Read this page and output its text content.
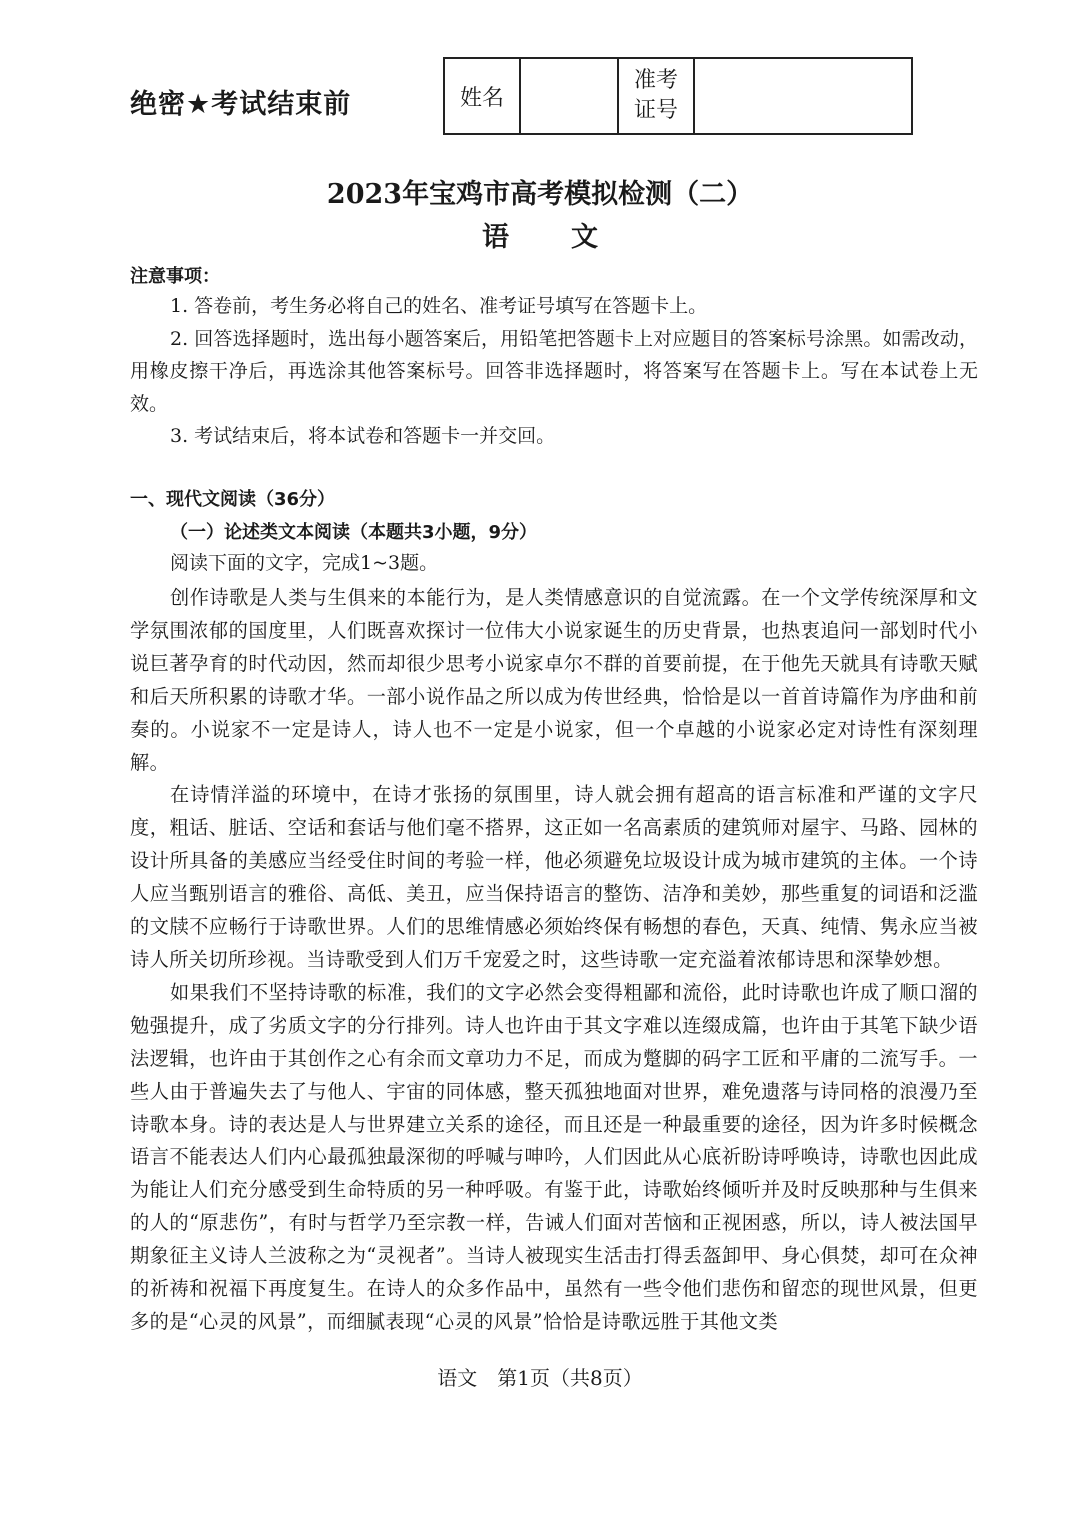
绝密★考试结束前	姓名
准考
证号
2023年宝鸡市高考模拟检测（二）
语文
注意事项：

1. 答卷前，考生务必将自己的姓名、准考证号填写在答题卡上。

2. 回答选择题时，选出每小题答案后，用铅笔把答题卡上对应题目的答案标号涂黑。如需改动，用橡皮擦干净后，再选涂其他答案标号。回答非选择题时，将答案写在答题卡上。写在本试卷上无效。

3. 考试结束后，将本试卷和答题卡一并交回。

一、现代文阅读（36分）
（一）论述类文本阅读（本题共3小题，9分）
阅读下面的文字，完成1~3题。

创作诗歌是人类与生俱来的本能行为，是人类情感意识的自觉流露。在一个文学传统深厚和文学氛围浓郁的国度里，人们既喜欢探讨一位伟大小说家诞生的历史背景，也热衷追问一部划时代小说巨著孕育的时代动因，然而却很少思考小说家卓尔不群的首要前提，在于他先天就具有诗歌天赋和后天所积累的诗歌才华。一部小说作品之所以成为传世经典，恰恰是以一首首诗篇作为序曲和前奏的。小说家不一定是诗人，诗人也不一定是小说家，但一个卓越的小说家必定对诗性有深刻理解。

在诗情洋溢的环境中，在诗才张扬的氛围里，诗人就会拥有超高的语言标准和严谨的文字尺度，粗话、脏话、空话和套话与他们毫不搭界，这正如一名高素质的建筑师对屋宇、马路、园林的设计所具备的美感应当经受住时间的考验一样，他必须避免垃圾设计成为城市建筑的主体。一个诗人应当甄别语言的雅俗、高低、美丑，应当保持语言的整饬、洁净和美妙，那些重复的词语和泛滥的文牍不应畅行于诗歌世界。人们的思维情感必须始终保有畅想的春色，天真、纯情、隽永应当被诗人所关切所珍视。当诗歌受到人们万千宠爱之时，这些诗歌一定充溢着浓郁诗思和深挚妙想。

如果我们不坚持诗歌的标准，我们的文字必然会变得粗鄙和流俗，此时诗歌也许成了顺口溜的勉强提升，成了劣质文字的分行排列。诗人也许由于其文字难以连缀成篇，也许由于其笔下缺少语法逻辑，也许由于其创作之心有余而文章功力不足，而成为蹩脚的码字工匠和平庸的二流写手。一些人由于普遍失去了与他人、宇宙的同体感，整天孤独地面对世界，难免遗落与诗同格的浪漫乃至诗歌本身。诗的表达是人与世界建立关系的途径，而且还是一种最重要的途径，因为许多时候概念语言不能表达人们内心最孤独最深彻的呼喊与呻吟，人们因此从心底祈盼诗呼唤诗，诗歌也因此成为能让人们充分感受到生命特质的另一种呼吸。有鉴于此，诗歌始终倾听并及时反映那种与生俱来的人的“原悲伤”，有时与哲学乃至宗教一样，告诫人们面对苦恼和正视困惑，所以，诗人被法国早期象征主义诗人兰波称之为“灵视者”。当诗人被现实生活击打得丢盔卸甲、身心俱焚，却可在众神的祈祷和祝福下再度复生。在诗人的众多作品中，虽然有一些令他们悲伤和留恋的现世风景，但更多的是“心灵的风景”，而细腻表现“心灵的风景”恰恰是诗歌远胜于其他文类

语文　第1页（共8页）
